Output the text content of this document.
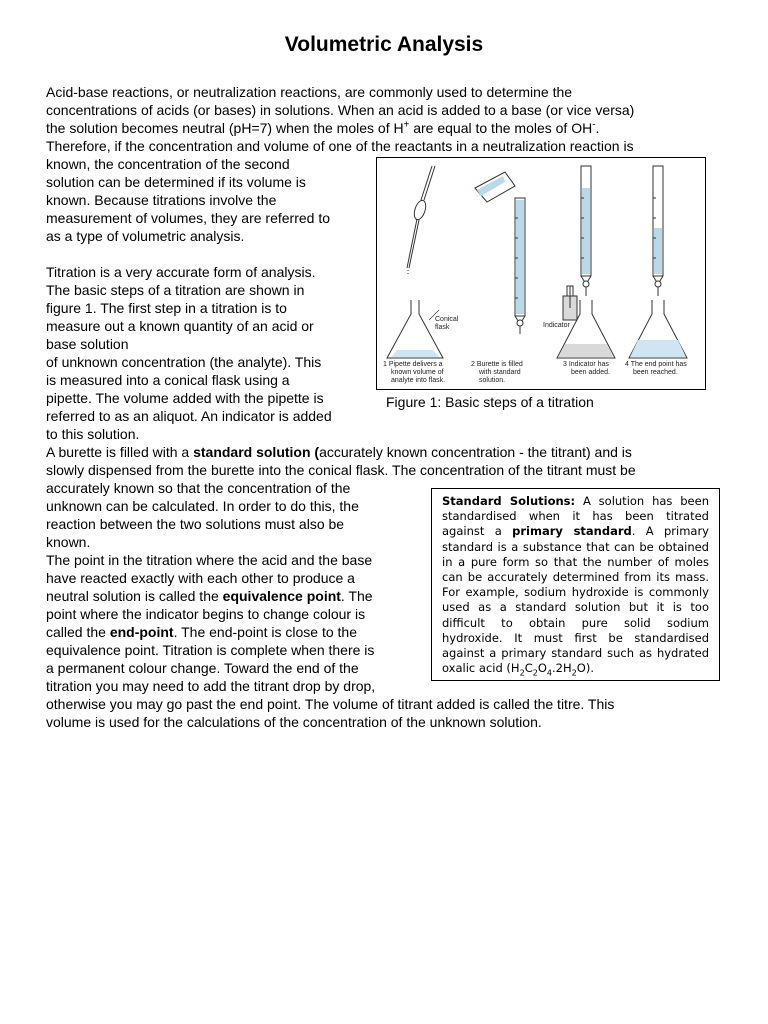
Volumetric Analysis
Acid-base reactions, or neutralization reactions, are commonly used to determine the
concentrations of acids (or bases) in solutions. When an acid is added to a base (or vice versa)
the solution becomes neutral (pH=7) when the moles of H+ are equal to the moles of OH-.
Therefore, if the concentration and volume of one of the reactants in a neutralization reaction is
known, the concentration of the second
solution can be determined if its volume is
known. Because titrations involve the
measurement of volumes, they are referred to
as a type of volumetric analysis.
Titration is a very accurate form of analysis.
The basic steps of a titration are shown in
figure 1. The first step in a titration is to
measure out a known quantity of an acid or
base solution
of unknown concentration (the analyte). This
is measured into a conical flask using a
pipette. The volume added with the pipette is
referred to as an aliquot. An indicator is added
to this solution.
A burette is filled with a standard solution (accurately known concentration - the titrant) and is
slowly dispensed from the burette into the conical flask. The concentration of the titrant must be
accurately known so that the concentration of the
unknown can be calculated. In order to do this, the
reaction between the two solutions must also be
known.
The point in the titration where the acid and the base
have reacted exactly with each other to produce a
neutral solution is called the equivalence point. The
point where the indicator begins to change colour is
called the end-point. The end-point is close to the
equivalence point. Titration is complete when there is
a permanent colour change. Toward the end of the
titration you may need to add the titrant drop by drop,
otherwise you may go past the end point. The volume of titrant added is called the titre. This
volume is used for the calculations of the concentration of the unknown solution.
Conical
flask	Indicator
1 Pipette delivers a
known volume of
analyte into flask.
2 Burette is filled
with standard
solution.
3 Indicator has
been added.
4 The end point has
been reached.
Figure 1: Basic steps of a titration
Standard Solutions: A solution has been standardised when it has been titrated against a primary standard. A primary standard is a substance that can be obtained in a pure form so that the number of moles can be accurately determined from its mass. For example, sodium hydroxide is commonly used as a standard solution but it is too difficult to obtain pure solid sodium hydroxide. It must first be standardised against a primary standard such as hydrated oxalic acid $(H_2C_2O_4.2H_2O)$.
